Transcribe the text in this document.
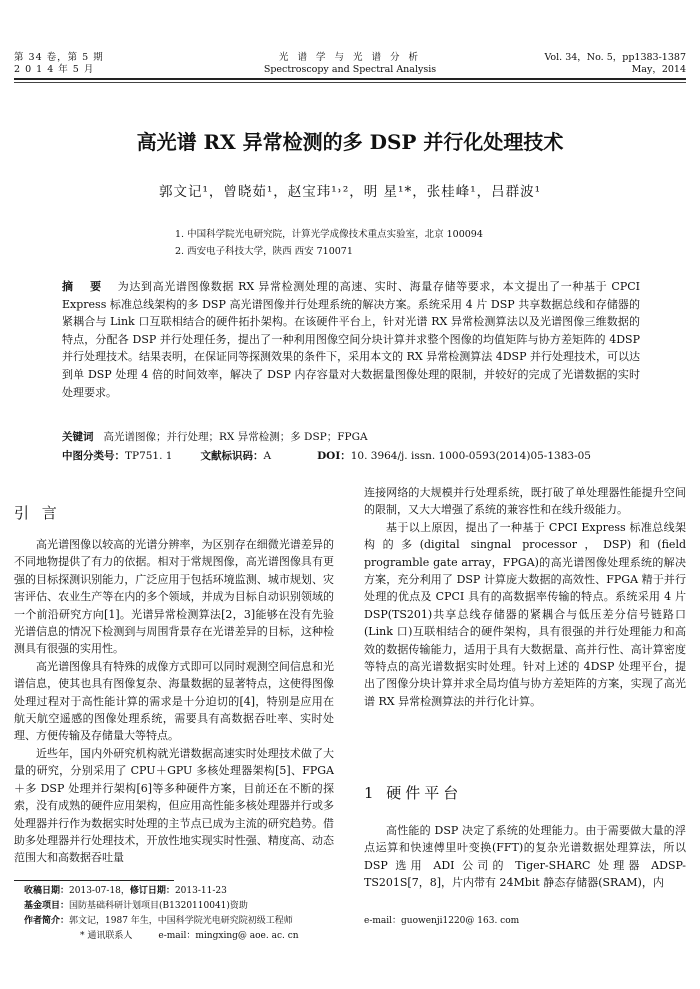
第 34 卷，第 5 期
2 0 1 4 年 5 月
光 谱 学 与 光 谱 分 析
Spectroscopy and Spectral Analysis
Vol. 34，No. 5，pp1383-1387
May，2014
高光谱 RX 异常检测的多 DSP 并行化处理技术
郭文记¹，曾晓茹¹，赵宝玮¹˒²，明 星¹*，张桂峰¹，吕群波¹
1. 中国科学院光电研究院，计算光学成像技术重点实验室，北京 100094
2. 西安电子科技大学，陕西 西安 710071
摘 要 为达到高光谱图像数据 RX 异常检测处理的高速、实时、海量存储等要求，本文提出了一种基于 CPCI Express 标准总线架构的多 DSP 高光谱图像并行处理系统的解决方案。系统采用 4 片 DSP 共享数据总线和存储器的紧耦合与 Link 口互联相结合的硬件拓扑架构。在该硬件平台上，针对光谱 RX 异常检测算法以及光谱图像三维数据的特点，分配各 DSP 并行处理任务，提出了一种利用图像空间分块计算并求整个图像的均值矩阵与协方差矩阵的 4DSP 并行处理技术。结果表明，在保证同等探测效果的条件下，采用本文的 RX 异常检测算法 4DSP 并行处理技术，可以达到单 DSP 处理 4 倍的时间效率，解决了 DSP 内存容量对大数据量图像处理的限制，并较好的完成了光谱数据的实时处理要求。
关键词 高光谱图像；并行处理；RX 异常检测；多 DSP；FPGA
中图分类号：TP751. 1	文献标识码：A	DOI：10. 3964/j. issn. 1000-0593(2014)05-1383-05
引 言

高光谱图像以较高的光谱分辨率，为区别存在细微光谱差异的不同地物提供了有力的依据。相对于常规图像，高光谱图像具有更强的目标探测识别能力，广泛应用于包括环境监测、城市规划、灾害评估、农业生产等在内的多个领域，并成为目标自动识别领域的一个前沿研究方向[1]。光谱异常检测算法[2，3]能够在没有先验光谱信息的情况下检测到与周围背景存在光谱差异的目标，这种检测具有很强的实用性。

高光谱图像具有特殊的成像方式即可以同时观测空间信息和光谱信息，使其也具有图像复杂、海量数据的显著特点，这使得图像处理过程对于高性能计算的需求是十分迫切的[4]，特别是应用在航天航空遥感的图像处理系统，需要具有高数据吞吐率、实时处理、方便传输及存储量大等特点。

近些年，国内外研究机构就光谱数据高速实时处理技术做了大量的研究，分别采用了 CPU＋GPU 多核处理器架构[5]、FPGA＋多 DSP 处理并行架构[6]等多种硬件方案，目前还在不断的探索，没有成熟的硬件应用架构，但应用高性能多核处理器并行或多处理器并行作为数据实时处理的主节点已成为主流的研究趋势。借助多处理器并行处理技术，开放性地实现实时性强、精度高、动态范围大和高数据吞吐量

连接网络的大规模并行处理系统，既打破了单处理器性能提升空间的限制，又大大增强了系统的兼容性和在线升级能力。

基于以上原因，提出了一种基于 CPCI Express 标准总线架构的多(digital singnal processor，DSP)和(field programble gate array，FPGA)的高光谱图像处理系统的解决方案，充分利用了 DSP 计算庞大数据的高效性、FPGA 精于并行处理的优点及 CPCI 具有的高数据率传输的特点。系统采用 4 片 DSP(TS201)共享总线存储器的紧耦合与低压差分信号链路口(Link 口)互联相结合的硬件架构，具有很强的并行处理能力和高效的数据传输能力，适用于具有大数据量、高并行性、高计算密度等特点的高光谱数据实时处理。针对上述的 4DSP 处理平台，提出了图像分块计算并求全局均值与协方差矩阵的方案，实现了高光谱 RX 异常检测算法的并行化计算。

1 硬件平台

高性能的 DSP 决定了系统的处理能力。由于需要做大量的浮点运算和快速傅里叶变换(FFT)的复杂光谱数据处理算法，所以 DSP 选用 ADI 公司的 Tiger-SHARC 处理器 ADSP-TS201S[7，8]，片内带有 24Mbit 静态存储器(SRAM)，内

收稿日期：2013-07-18，修订日期：2013-11-23
基金项目：国防基础科研计划项目(B1320110041)资助
作者简介：郭文记，1987 年生，中国科学院光电研究院初级工程师	e-mail：guowenji1220@ 163. com
* 通讯联系人	e-mail：mingxing@ aoe. ac. cn
